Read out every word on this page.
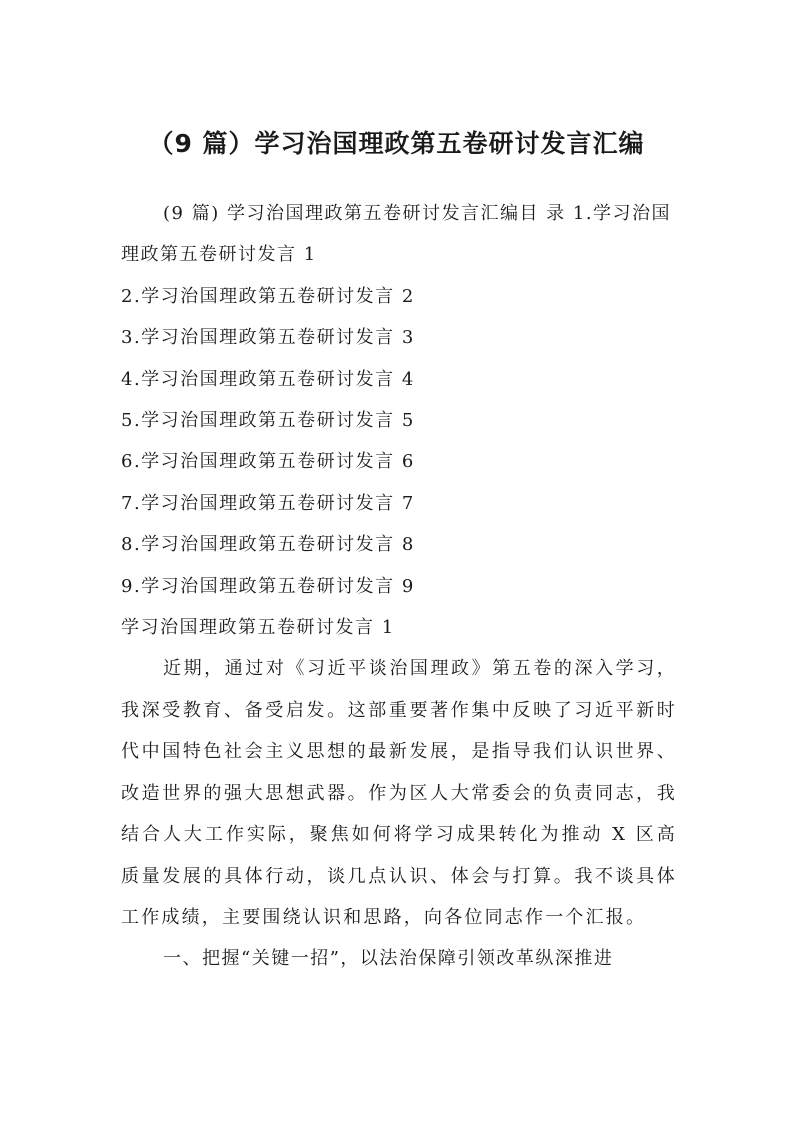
（9 篇）学习治国理政第五卷研讨发言汇编
(9 篇) 学习治国理政第五卷研讨发言汇编目 录 1.学习治国
理政第五卷研讨发言 1
2.学习治国理政第五卷研讨发言 2
3.学习治国理政第五卷研讨发言 3
4.学习治国理政第五卷研讨发言 4
5.学习治国理政第五卷研讨发言 5
6.学习治国理政第五卷研讨发言 6
7.学习治国理政第五卷研讨发言 7
8.学习治国理政第五卷研讨发言 8
9.学习治国理政第五卷研讨发言 9
学习治国理政第五卷研讨发言 1
近期，通过对《习近平谈治国理政》第五卷的深入学习，我深受教育、备受启发。这部重要著作集中反映了习近平新时代中国特色社会主义思想的最新发展，是指导我们认识世界、改造世界的强大思想武器。作为区人大常委会的负责同志，我结合人大工作实际，聚焦如何将学习成果转化为推动 X 区高质量发展的具体行动，谈几点认识、体会与打算。我不谈具体工作成绩，主要围绕认识和思路，向各位同志作一个汇报。
一、把握“关键一招”，以法治保障引领改革纵深推进
